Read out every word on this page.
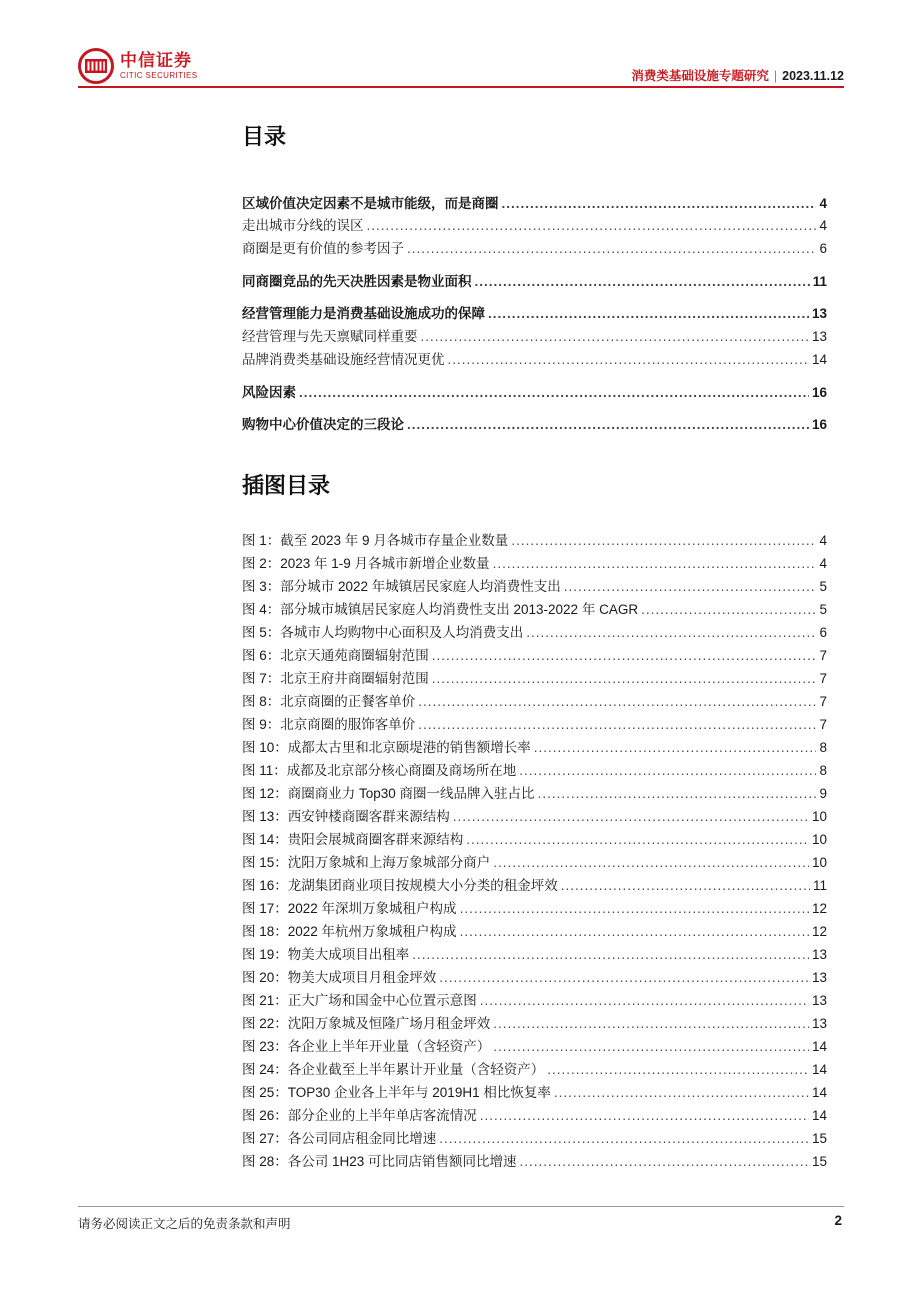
中信证券
CITIC SECURITIES	消费类基础设施专题研究 | 2023.11.12
目录
区域价值决定因素不是城市能级，而是商圈 .....	4
走出城市分线的误区 .....	4
商圈是更有价值的参考因子 .....	6
同商圈竞品的先天决胜因素是物业面积 .....	11
经营管理能力是消费基础设施成功的保障 .....	13
经营管理与先天禀赋同样重要 .....	13
品牌消费类基础设施经营情况更优 .....	14
风险因素 .....	16
购物中心价值决定的三段论 .....	16
插图目录
图 1：截至 2023 年 9 月各城市存量企业数量 .....	4
图 2：2023 年 1-9 月各城市新增企业数量 .....	4
图 3：部分城市 2022 年城镇居民家庭人均消费性支出 .....	5
图 4：部分城市城镇居民家庭人均消费性支出 2013-2022 年 CAGR .....	5
图 5：各城市人均购物中心面积及人均消费支出 .....	6
图 6：北京天通苑商圈辐射范围 .....	7
图 7：北京王府井商圈辐射范围 .....	7
图 8：北京商圈的正餐客单价 .....	7
图 9：北京商圈的服饰客单价 .....	7
图 10：成都太古里和北京颐堤港的销售额增长率 .....	8
图 11：成都及北京部分核心商圈及商场所在地 .....	8
图 12：商圈商业力 Top30 商圈一线品牌入驻占比 .....	9
图 13：西安钟楼商圈客群来源结构 .....	10
图 14：贵阳会展城商圈客群来源结构 .....	10
图 15：沈阳万象城和上海万象城部分商户 .....	10
图 16：龙湖集团商业项目按规模大小分类的租金坪效 .....	11
图 17：2022 年深圳万象城租户构成 .....	12
图 18：2022 年杭州万象城租户构成 .....	12
图 19：物美大成项目出租率 .....	13
图 20：物美大成项目月租金坪效 .....	13
图 21：正大广场和国金中心位置示意图 .....	13
图 22：沈阳万象城及恒隆广场月租金坪效 .....	13
图 23：各企业上半年开业量（含轻资产） .....	14
图 24：各企业截至上半年累计开业量（含轻资产） .....	14
图 25：TOP30 企业各上半年与 2019H1 相比恢复率 .....	14
图 26：部分企业的上半年单店客流情况 .....	14
图 27：各公司同店租金同比增速 .....	15
图 28：各公司 1H23 可比同店销售额同比增速 .....	15
请务必阅读正文之后的免责条款和声明	2
